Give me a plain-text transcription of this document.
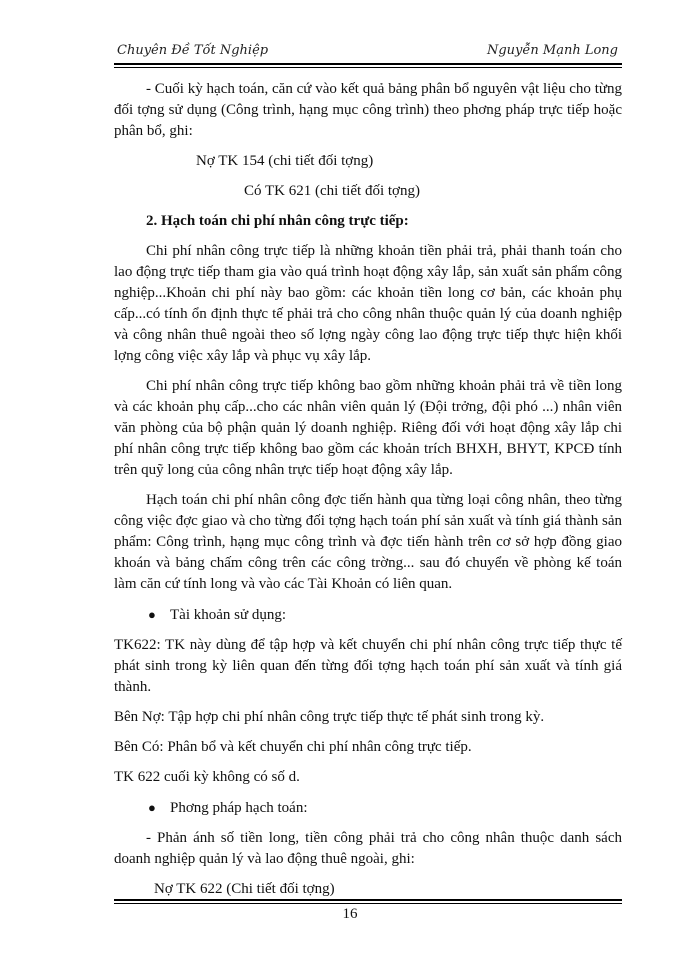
Chuyên Đề Tốt Nghiệp	Nguyễn Mạnh Long

- Cuối kỳ hạch toán, căn cứ vào kết quả bảng phân bổ nguyên vật liệu cho từng đối tợng sử dụng (Công trình, hạng mục công trình) theo phơng pháp trực tiếp hoặc phân bổ, ghi:

Nợ TK 154 (chi tiết đối tợng)

Có TK 621 (chi tiết đối tợng)

2. Hạch toán chi phí nhân công trực tiếp:

Chi phí nhân công trực tiếp là những khoản tiền phải trả, phải thanh toán cho lao động trực tiếp tham gia vào quá trình hoạt động xây lắp, sản xuất sản phẩm công nghiệp...Khoản chi phí này bao gồm: các khoản tiền long cơ bản, các khoản phụ cấp...có tính ổn định thực tế phải trả cho công nhân thuộc quản lý của doanh nghiệp và công nhân thuê ngoài theo số lợng ngày công lao động trực tiếp thực hiện khối lợng công việc xây lắp và phục vụ xây lắp.

Chi phí nhân công trực tiếp không bao gồm những khoản phải trả về tiền long và các khoản phụ cấp...cho các nhân viên quản lý (Đội trởng, đội phó ...) nhân viên văn phòng của bộ phận quản lý doanh nghiệp. Riêng đối với hoạt động xây lắp chi phí nhân công trực tiếp không bao gồm các khoản trích BHXH, BHYT, KPCĐ tính trên quỹ long của công nhân trực tiếp hoạt động xây lắp.

Hạch toán chi phí nhân công đợc tiến hành qua từng loại công nhân, theo từng công việc đợc giao và cho từng đối tợng hạch toán phí sản xuất và tính giá thành sản phẩm: Công trình, hạng mục công trình và đợc tiến hành trên cơ sở hợp đồng giao khoán và bảng chấm công trên các công trờng... sau đó chuyển về phòng kế toán làm căn cứ tính long và vào các Tài Khoản có liên quan.

● Tài khoản sử dụng:

TK622: TK này dùng để tập hợp và kết chuyển chi phí nhân công trực tiếp thực tế phát sinh trong kỳ liên quan đến từng đối tợng hạch toán phí sản xuất và tính giá thành.

Bên Nợ: Tập hợp chi phí nhân công trực tiếp thực tế phát sinh trong kỳ.

Bên Có: Phân bổ và kết chuyển chi phí nhân công trực tiếp.

TK 622 cuối kỳ không có số d.

● Phơng pháp hạch toán:

- Phản ánh số tiền long, tiền công phải trả cho công nhân thuộc danh sách doanh nghiệp quản lý và lao động thuê ngoài, ghi:

Nợ TK 622 (Chi tiết đối tợng)

16
